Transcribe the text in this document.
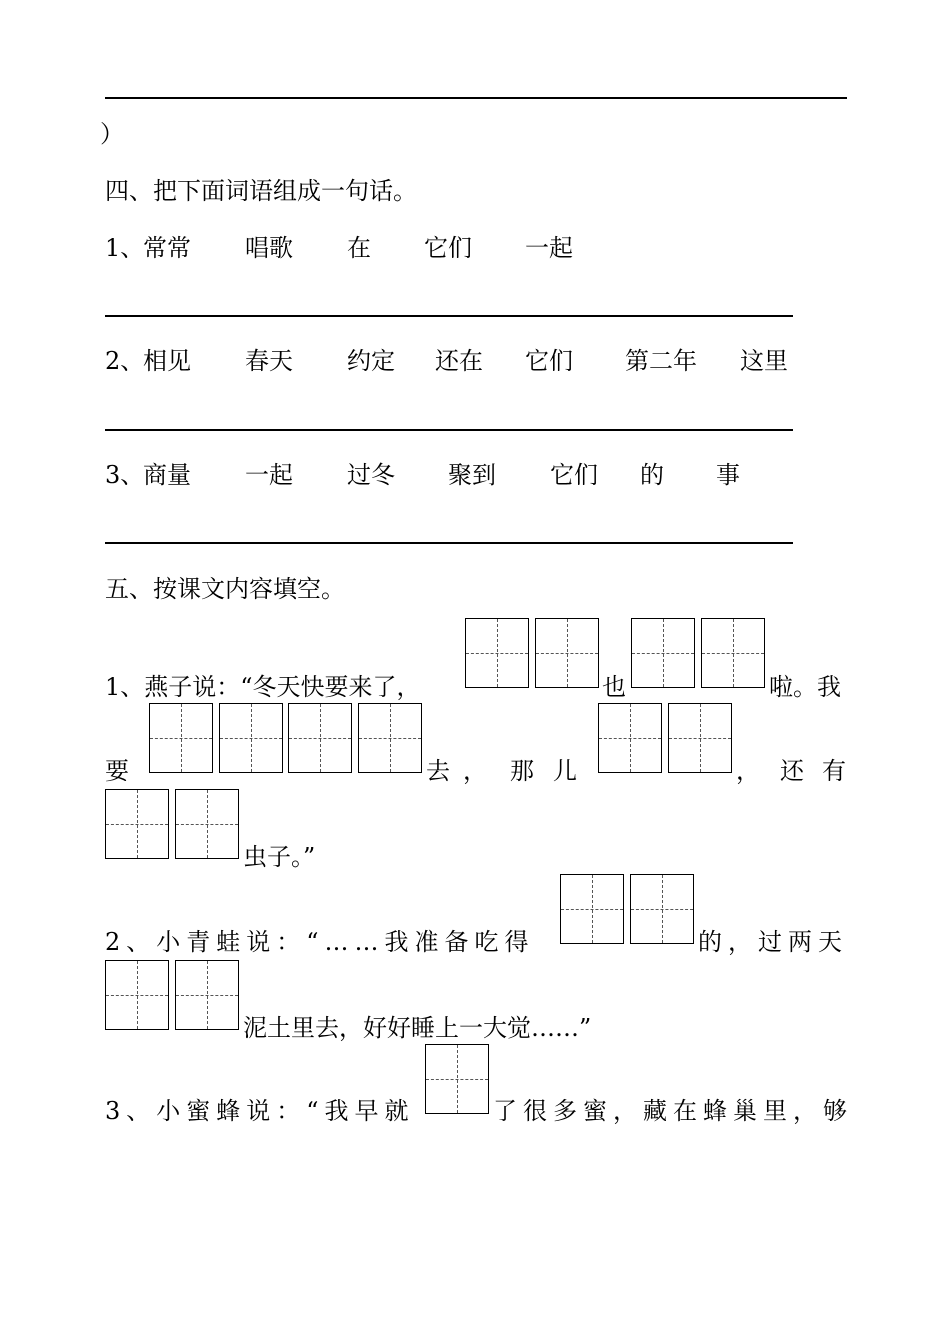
）
四、把下面词语组成一句话。
1、
常常 唱歌 在 它们 一起
2、
相见 春天 约定 还在 它们 第二年 这里
3、
商量 一起 过冬 聚到 它们 的 事
五、按课文内容填空。
1、燕子说：“冬天快要来了，	也	啦。我
要	去 ， 那 儿	， 还 有
虫子。”
2、小青蛙说：“……我准备吃得	的，过两天
泥土里去，好好睡上一大觉……”
3、小蜜蜂说：“我早就	了很多蜜，藏在蜂巢里，够
